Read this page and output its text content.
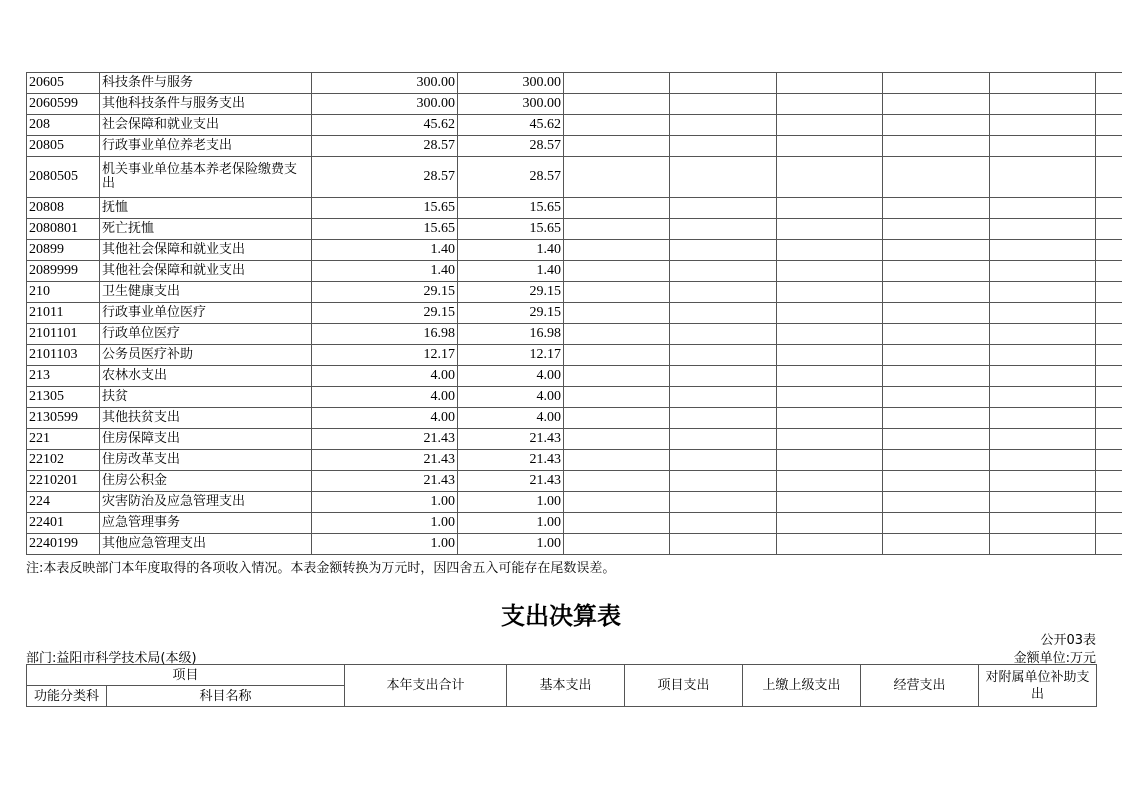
20605	科技条件与服务	300.00	300.00						
2060599	其他科技条件与服务支出	300.00	300.00						
208	社会保障和就业支出	45.62	45.62						
20805	行政事业单位养老支出	28.57	28.57						
2080505	机关事业单位基本养老保险缴费支出	28.57	28.57						
20808	抚恤	15.65	15.65						
2080801	死亡抚恤	15.65	15.65						
20899	其他社会保障和就业支出	1.40	1.40						
2089999	其他社会保障和就业支出	1.40	1.40						
210	卫生健康支出	29.15	29.15						
21011	行政事业单位医疗	29.15	29.15						
2101101	行政单位医疗	16.98	16.98						
2101103	公务员医疗补助	12.17	12.17						
213	农林水支出	4.00	4.00						
21305	扶贫	4.00	4.00						
2130599	其他扶贫支出	4.00	4.00						
221	住房保障支出	21.43	21.43						
22102	住房改革支出	21.43	21.43						
2210201	住房公积金	21.43	21.43						
224	灾害防治及应急管理支出	1.00	1.00						
22401	应急管理事务	1.00	1.00						
2240199	其他应急管理支出	1.00	1.00						
注:本表反映部门本年度取得的各项收入情况。本表金额转换为万元时，因四舍五入可能存在尾数误差。
支出决算表
公开03表
部门:益阳市科学技术局(本级)	金额单位:万元
项目		本年支出合计	基本支出	项目支出	上缴上级支出	经营支出	对附属单位补助支出
功能分类科	科目名称						
